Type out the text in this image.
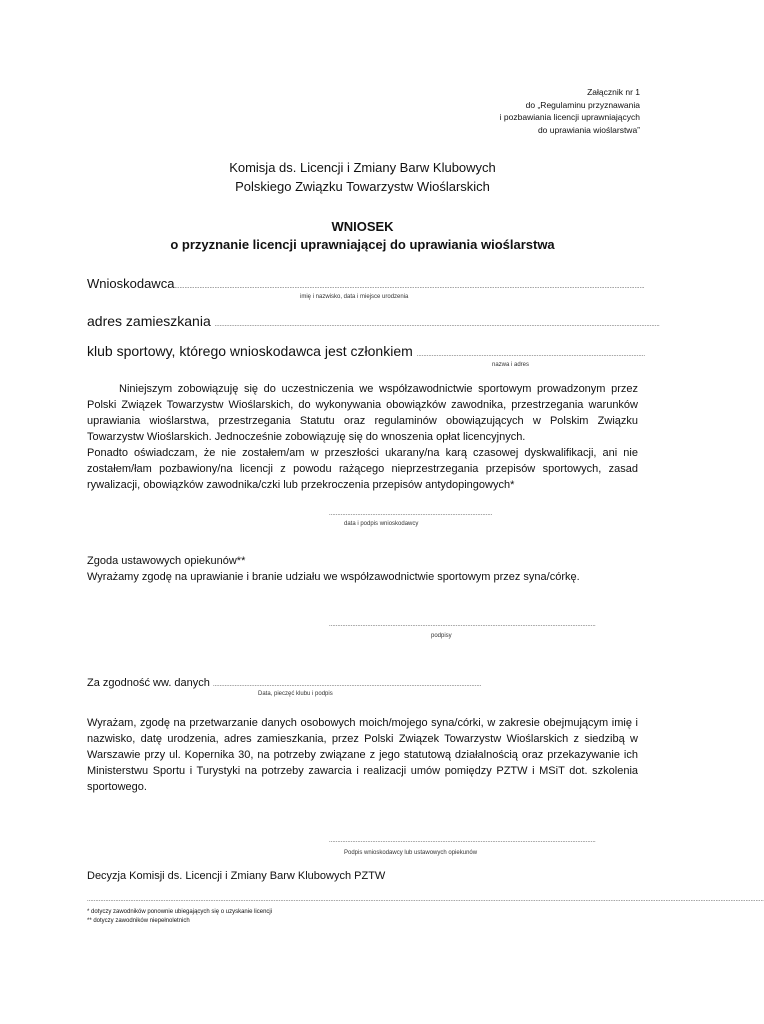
Załącznik nr 1
do „Regulaminu przyznawania
i pozbawiania licencji uprawniających
do uprawiania wioślarstwa”
Komisja ds. Licencji i Zmiany Barw Klubowych
Polskiego Związku Towarzystw Wioślarskich
WNIOSEK
o przyznanie licencji uprawniającej do uprawiania wioślarstwa
Wnioskodawca..........................................................................................................................................................................................................................................................................................
imię i nazwisko, data i miejsce urodzenia
adres zamieszkania ...........................................................................................................................................................................................................................................................................
klub sportowy, którego wnioskodawca jest członkiem .........................................................................................................................................
nazwa i adres
Niniejszym zobowiązuję się do uczestniczenia we współzawodnictwie sportowym prowadzonym przez Polski Związek Towarzystw Wioślarskich, do wykonywania obowiązków zawodnika, przestrzegania warunków uprawiania wioślarstwa, przestrzegania Statutu oraz regulaminów obowiązujących w Polskim Związku Towarzystw Wioślarskich. Jednocześnie zobowiązuję się do wnoszenia opłat licencyjnych.
Ponadto oświadczam, że nie zostałem/am w przeszłości ukarany/na karą czasowej dyskwalifikacji, ani nie zostałem/łam pozbawiony/na licencji z powodu rażącego nieprzestrzegania przepisów sportowych, zasad rywalizacji, obowiązków zawodnika/czki lub przekroczenia przepisów antydopingowych*
..................................................................................................
data i podpis wnioskodawcy
Zgoda ustawowych opiekunów**
Wyrażamy zgodę na uprawianie i branie udziału we współzawodnictwie sportowym przez syna/córkę.
................................................................................................................................................................
podpisy
Za zgodność ww. danych .................................................................................................................................................................
Data, pieczęć klubu i podpis
Wyrażam, zgodę na przetwarzanie danych osobowych moich/mojego syna/córki, w zakresie obejmującym imię i nazwisko, datę urodzenia, adres zamieszkania, przez Polski Związek Towarzystw Wioślarskich z siedzibą w Warszawie przy ul. Kopernika 30, na potrzeby związane z jego statutową działalnością oraz przekazywanie ich Ministerstwu Sportu i Turystyki na potrzeby zawarcia i realizacji umów pomiędzy PZTW i MSiT dot. szkolenia sportowego.
................................................................................................................................................................
Podpis wnioskodawcy lub ustawowych opiekunów
Decyzja Komisji ds. Licencji i Zmiany Barw Klubowych PZTW
......................................................................................................................................................................................................................................................................................................................................................................................................................
* dotyczy zawodników ponownie ubiegających się o uzyskanie licencji
** dotyczy zawodników niepełnoletnich
